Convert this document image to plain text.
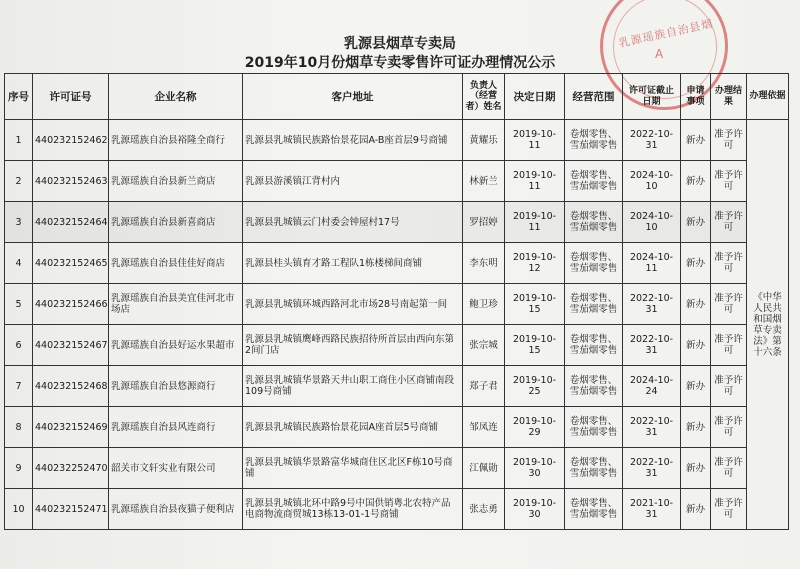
乳源瑶族自治县烟
A
乳源县烟草专卖局
2019年10月份烟草专卖零售许可证办理情况公示
序号	许可证号	企业名称	客户地址	负责人（经营者）姓名	决定日期	经营范围	许可证截止日期	申请事项	办理结果	办理依据
1	440232152462	乳源瑶族自治县裕隆全商行	乳源县乳城镇民族路怡景花园A-B座首层9号商铺	黄耀乐	2019-10-11	卷烟零售、雪茄烟零售	2022-10-31	新办	准予许可	《中华人民共和国烟草专卖法》第十六条
2	440232152463	乳源瑶族自治县新兰商店	乳源县游溪镇江背村内	林新兰	2019-10-11	卷烟零售、雪茄烟零售	2024-10-10	新办	准予许可	
3	440232152464	乳源瑶族自治县新喜商店	乳源县乳城镇云门村委会钟屋村17号	罗招婷	2019-10-11	卷烟零售、雪茄烟零售	2024-10-10	新办	准予许可	
4	440232152465	乳源瑶族自治县佳佳好商店	乳源县桂头镇育才路工程队1栋楼梯间商铺	李东明	2019-10-12	卷烟零售、雪茄烟零售	2024-10-11	新办	准予许可	
5	440232152466	乳源瑶族自治县美宜佳河北市场店	乳源县乳城镇环城西路河北市场28号南起第一间	鲍卫珍	2019-10-15	卷烟零售、雪茄烟零售	2022-10-31	新办	准予许可	
6	440232152467	乳源瑶族自治县好运水果超市	乳源县乳城镇鹰峰西路民族招待所首层由西向东第2间门店	张宗城	2019-10-15	卷烟零售、雪茄烟零售	2022-10-31	新办	准予许可	
7	440232152468	乳源瑶族自治县悠源商行	乳源县乳城镇华景路天井山职工商住小区商铺南段109号商铺	郑子君	2019-10-25	卷烟零售、雪茄烟零售	2024-10-24	新办	准予许可	
8	440232152469	乳源瑶族自治县风连商行	乳源县乳城镇民族路怡景花园A座首层5号商铺	邹凤连	2019-10-29	卷烟零售、雪茄烟零售	2022-10-31	新办	准予许可	
9	440232252470	韶关市文轩实业有限公司	乳源县乳城镇华景路富华城商住区北区F栋10号商铺	江佩勋	2019-10-30	卷烟零售、雪茄烟零售	2022-10-31	新办	准予许可	
10	440232152471	乳源瑶族自治县夜猫子便利店	乳源县乳城镇北环中路9号中国供销粤北农特产品电商物流商贸城13栋13-01-1号商铺	张志勇	2019-10-30	卷烟零售、雪茄烟零售	2021-10-31	新办	准予许可	
